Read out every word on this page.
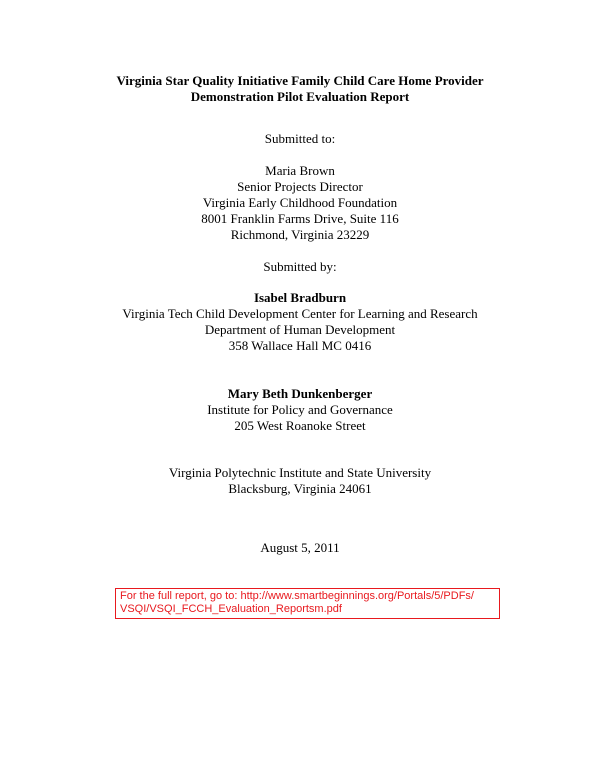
Virginia Star Quality Initiative Family Child Care Home Provider
Demonstration Pilot Evaluation Report
Submitted to:
Maria Brown
Senior Projects Director
Virginia Early Childhood Foundation
8001 Franklin Farms Drive, Suite 116
Richmond, Virginia 23229
Submitted by:
Isabel Bradburn
Virginia Tech Child Development Center for Learning and Research
Department of Human Development
358 Wallace Hall MC 0416
Mary Beth Dunkenberger
Institute for Policy and Governance
205 West Roanoke Street
Virginia Polytechnic Institute and State University
Blacksburg, Virginia 24061
August 5, 2011
For the full report, go to: http://www.smartbeginnings.org/Portals/5/PDFs/
VSQI/VSQI_FCCH_Evaluation_Reportsm.pdf
